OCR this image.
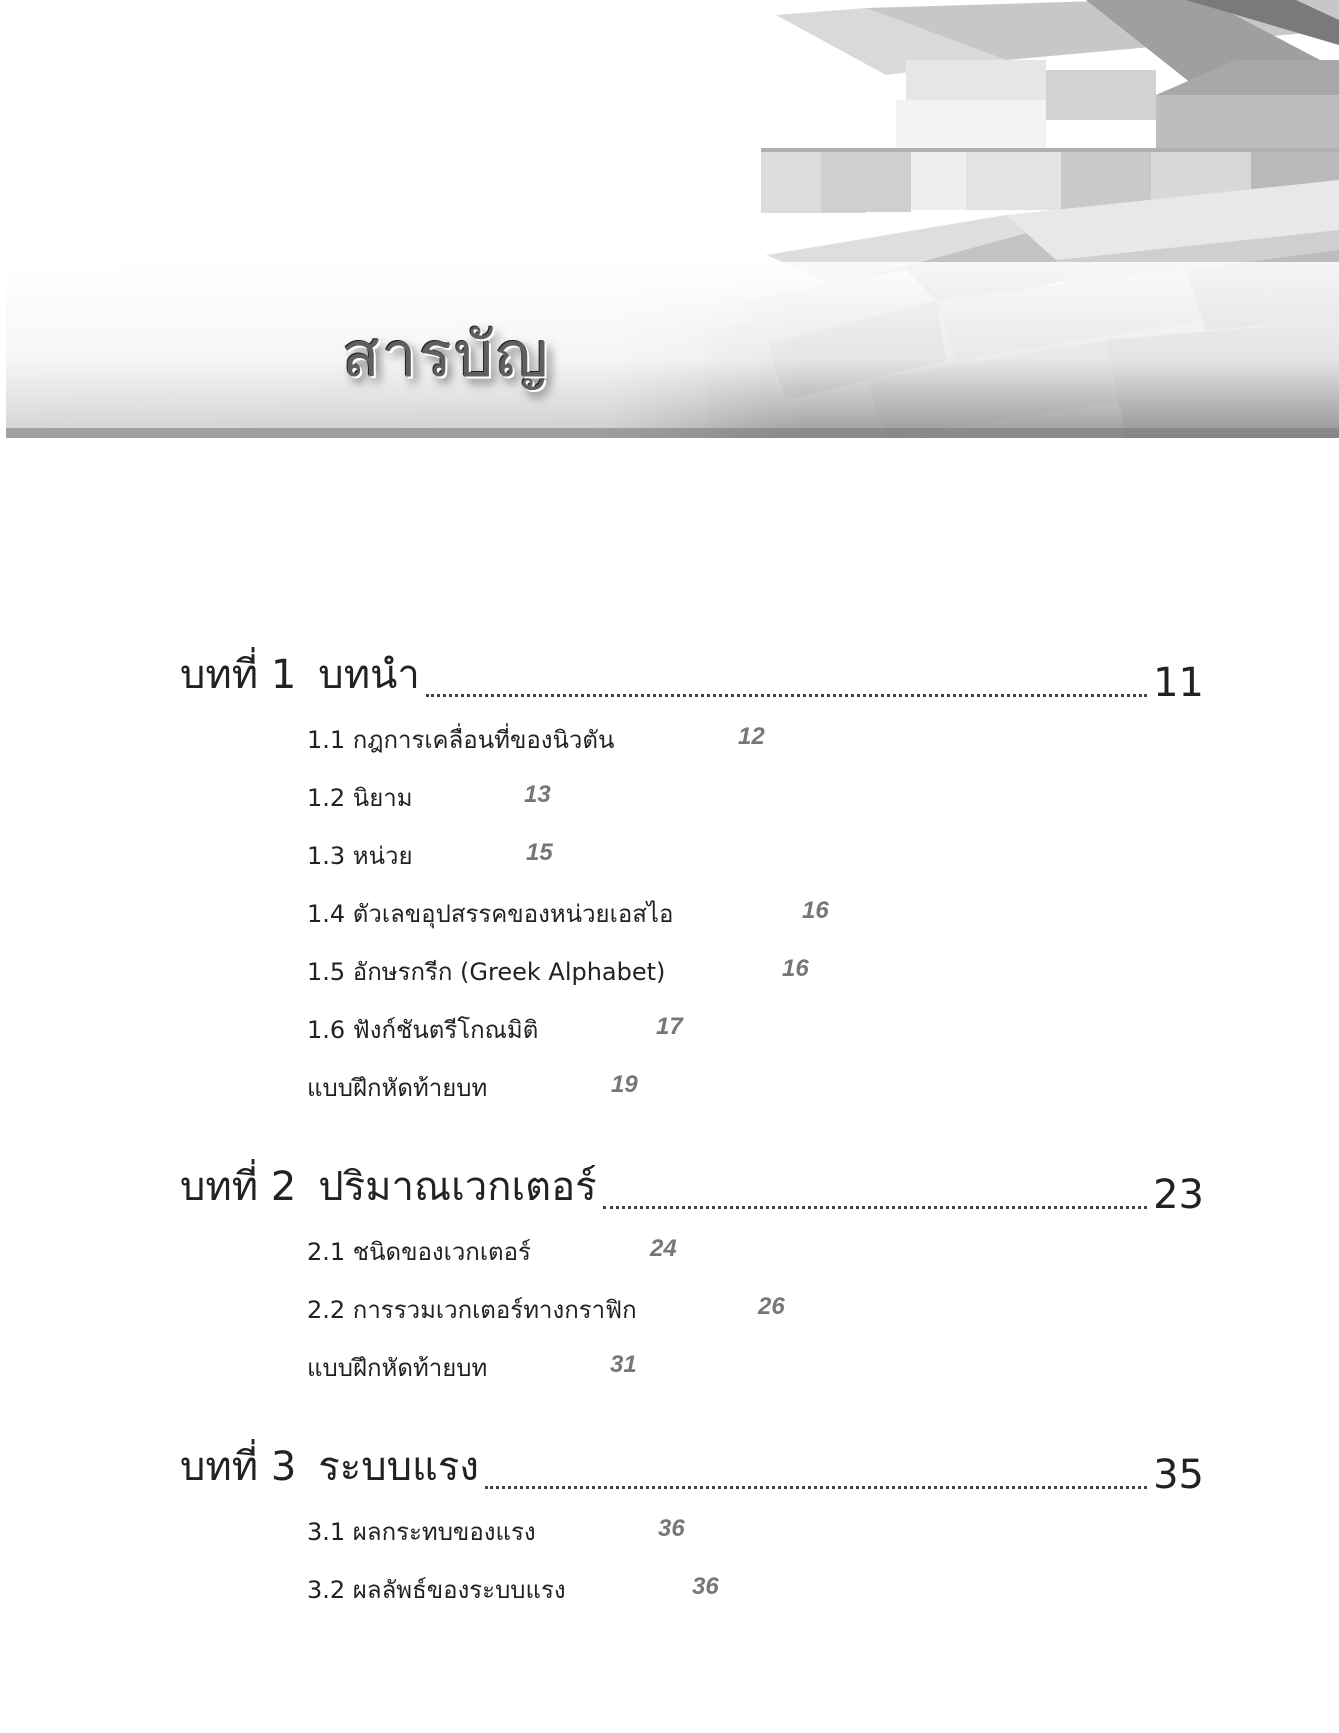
สารบัญ
บทที่ 1 บทนำ	11
1.1 กฎการเคลื่อนที่ของนิวตัน	12
1.2 นิยาม	13
1.3 หน่วย	15
1.4 ตัวเลขอุปสรรคของหน่วยเอสไอ	16
1.5 อักษรกรีก (Greek Alphabet)	16
1.6 ฟังก์ชันตรีโกณมิติ	17
แบบฝึกหัดท้ายบท	19
บทที่ 2 ปริมาณเวกเตอร์	23
2.1 ชนิดของเวกเตอร์	24
2.2 การรวมเวกเตอร์ทางกราฟิก	26
แบบฝึกหัดท้ายบท	31
บทที่ 3 ระบบแรง	35
3.1 ผลกระทบของแรง	36
3.2 ผลลัพธ์ของระบบแรง	36
